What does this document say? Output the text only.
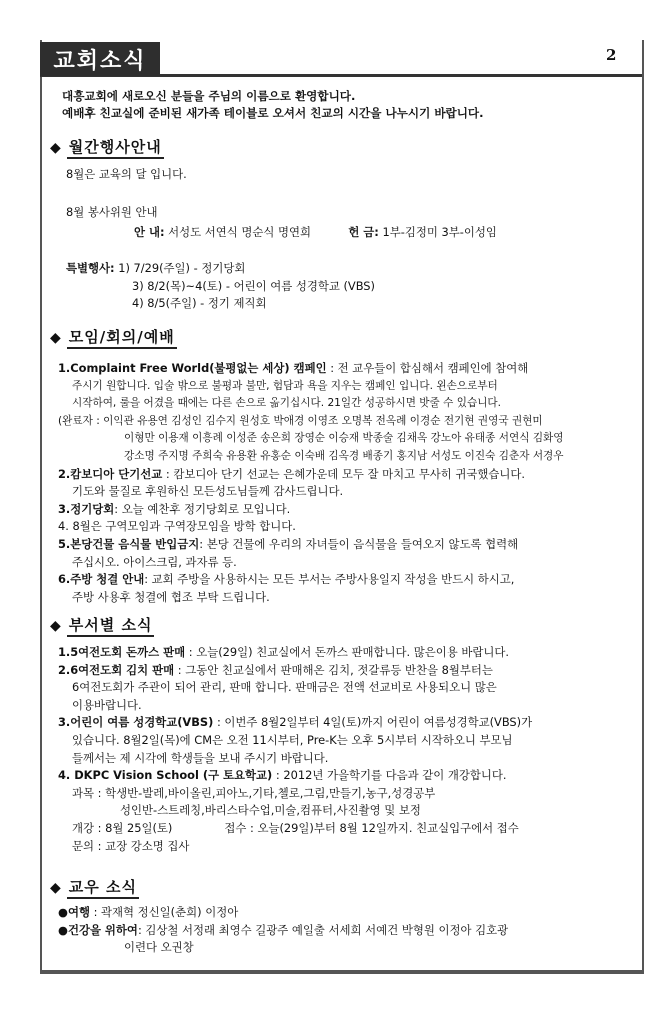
교회소식	2
대흥교회에 새로오신 분들을 주님의 이름으로 환영합니다.
예배후 친교실에 준비된 새가족 테이블로 오셔서 친교의 시간을 나누시기 바랍니다.
◆ 월간행사안내
8월은 교육의 달 입니다.
8월 봉사위원 안내
안 내: 서성도 서연식 명순식 명연희	헌 금: 1부-김정미 3부-이성임
특별행사: 1) 7/29(주일) - 정기당회
3) 8/2(목)~4(토) - 어린이 여름 성경학교 (VBS)
4) 8/5(주일) - 정기 제직회
◆ 모임/회의/예배
1.Complaint Free World(불평없는 세상) 캠페인 : 전 교우들이 합심해서 캠페인에 참여해
주시기 원합니다. 입술 밖으로 불평과 불만, 험담과 욕을 지우는 캠페인 입니다. 왼손으로부터
시작하여, 룰을 어겼을 때에는 다른 손으로 옮기십시다. 21일간 성공하시면 밧줄 수 있습니다.
(완료자 : 이익관 유용연 김성인 김수지 원성호 박애경 이영조 오명복 전옥례 이경순 전기현 권영국 권현미
이형만 이용재 이흥례 이성준 송은희 장영순 이승재 박종술 김채옥 강노아 유태종 서연식 김화영
강소명 주지명 주희숙 유용환 유홍순 이숙배 김옥경 배종기 홍지남 서성도 이진숙 김춘자 서경우
2.캄보디아 단기선교 : 캄보디아 단기 선교는 은혜가운데 모두 잘 마치고 무사히 귀국했습니다.
기도와 물질로 후원하신 모든성도님들께 감사드립니다.
3.정기당회: 오늘 예찬후 정기당회로 모입니다.
4. 8월은 구역모임과 구역장모임을 방학 합니다.
5.본당건물 음식물 반입금지: 본당 건물에 우리의 자녀들이 음식물을 들여오지 않도록 협력해
주십시오. 아이스크림, 과자류 등.
6.주방 청결 안내: 교회 주방을 사용하시는 모든 부서는 주방사용일지 작성을 반드시 하시고,
주방 사용후 청결에 협조 부탁 드립니다.
◆ 부서별 소식
1.5여전도회 돈까스 판매 : 오늘(29일) 친교실에서 돈까스 판매합니다. 많은이용 바랍니다.
2.6여전도회 김치 판매 : 그동안 친교실에서 판매해온 김치, 젓갈류등 반찬을 8월부터는
6여전도회가 주관이 되어 관리, 판매 합니다. 판매금은 전액 선교비로 사용되오니 많은
이용바랍니다.
3.어린이 여름 성경학교(VBS) : 이번주 8월2일부터 4일(토)까지 어린이 여름성경학교(VBS)가
있습니다. 8월2일(목)에 CM은 오전 11시부터, Pre-K는 오후 5시부터 시작하오니 부모님
들께서는 제 시각에 학생들을 보내 주시기 바랍니다.
4. DKPC Vision School (구 토요학교) : 2012년 가을학기를 다음과 같이 개강합니다.
과목 : 학생반-발레,바이올린,피아노,기타,첼로,그림,만들기,농구,성경공부
성인반-스트레칭,바리스타수업,미술,컴퓨터,사진촬영 및 보정
개강 : 8월 25일(토)	접수 : 오늘(29일)부터 8월 12일까지. 친교실입구에서 접수
문의 : 교장 강소명 집사
◆ 교우 소식
●여행 : 곽재혁 정신일(춘희) 이정아
●건강을 위하여: 김상철 서정래 최영수 길광주 예일출 서세희 서예건 박형원 이정아 김호광
이련다 오권창
